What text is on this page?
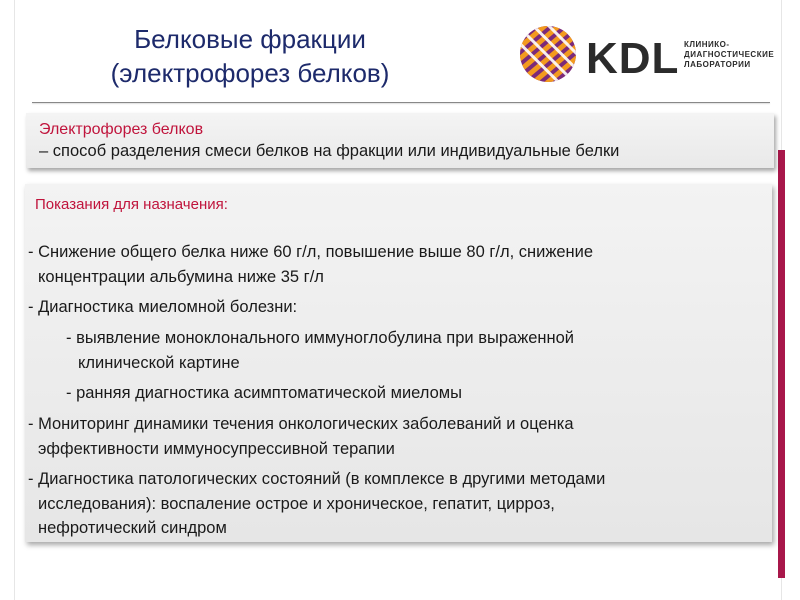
Белковые фракции
(электрофорез белков)	KDL КЛИНИКО-
ДИАГНОСТИЧЕСКИЕ
ЛАБОРАТОРИИ
Электрофорез белков
– способ разделения смеси белков на фракции или индивидуальные белки
Показания для назначения:
- Снижение общего белка ниже 60 г/л, повышение выше 80 г/л, снижение
концентрации альбумина ниже 35 г/л
- Диагностика миеломной болезни:
- выявление моноклонального иммуноглобулина при выраженной
клинической картине
- ранняя диагностика асимптоматической миеломы
- Мониторинг динамики течения онкологических заболеваний и оценка
эффективности иммуносупрессивной терапии
- Диагностика патологических состояний (в комплексе в другими методами
исследования): воспаление острое и хроническое, гепатит, цирроз,
нефротический синдром
